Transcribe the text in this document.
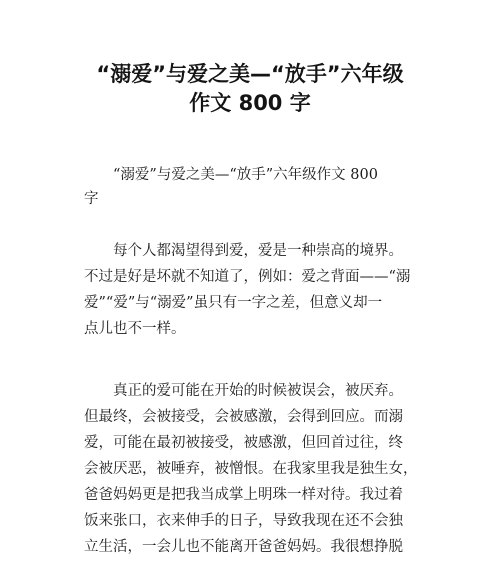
“溺爱”与爱之美—“放手”六年级
作文 800 字
“溺爱”与爱之美—“放手”六年级作文 800
字
每个人都渴望得到爱，爱是一种崇高的境界。
不过是好是坏就不知道了，例如：爱之背面——“溺
爱”“爱”与“溺爱”虽只有一字之差，但意义却一
点儿也不一样。
真正的爱可能在开始的时候被误会，被厌弃。
但最终，会被接受，会被感激，会得到回应。而溺
爱，可能在最初被接受，被感激，但回首过往，终
会被厌恶，被唾弃，被憎恨。在我家里我是独生女，
爸爸妈妈更是把我当成掌上明珠一样对待。我过着
饭来张口，衣来伸手的日子，导致我现在还不会独
立生活，一会儿也不能离开爸爸妈妈。我很想挣脱
